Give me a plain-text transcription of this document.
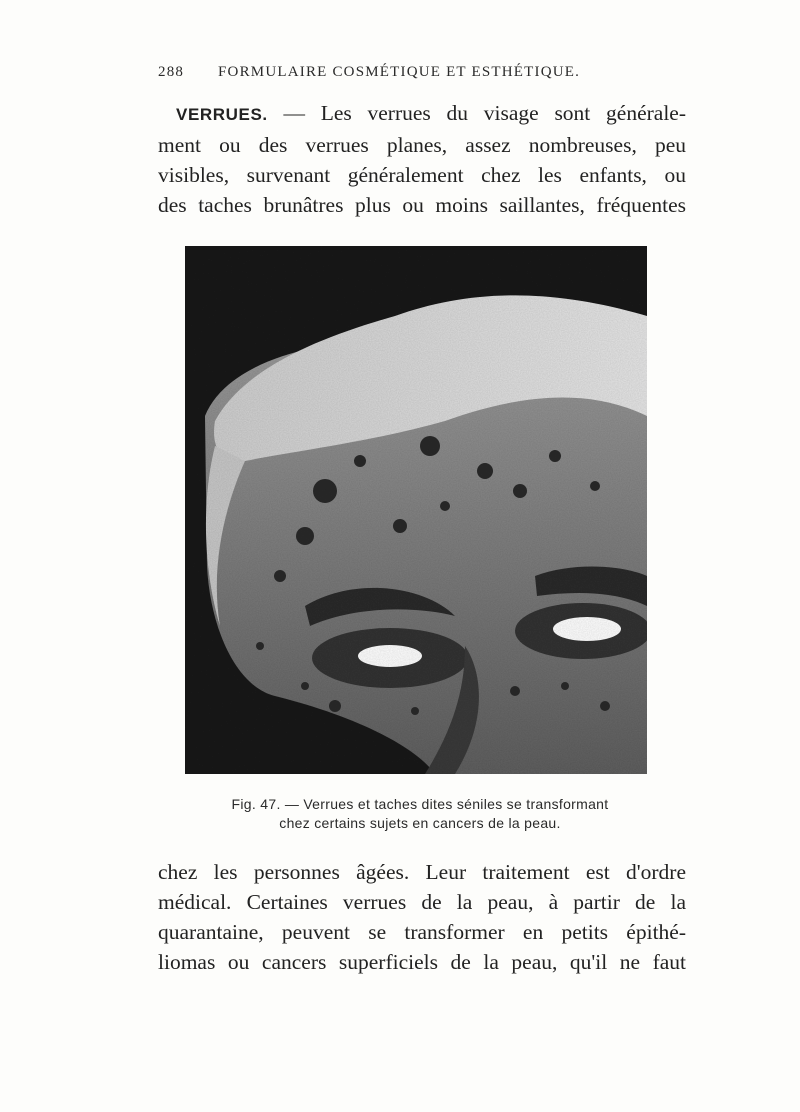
288 FORMULAIRE COSMÉTIQUE ET ESTHÉTIQUE.
VERRUES. — Les verrues du visage sont générale-
ment ou des verrues planes, assez nombreuses, peu
visibles, survenant généralement chez les enfants, ou
des taches brunâtres plus ou moins saillantes, fréquentes
Fig. 47. — Verrues et taches dites séniles se transformant
chez certains sujets en cancers de la peau.
chez les personnes âgées. Leur traitement est d'ordre
médical. Certaines verrues de la peau, à partir de la
quarantaine, peuvent se transformer en petits épithé-
liomas ou cancers superficiels de la peau, qu'il ne faut
